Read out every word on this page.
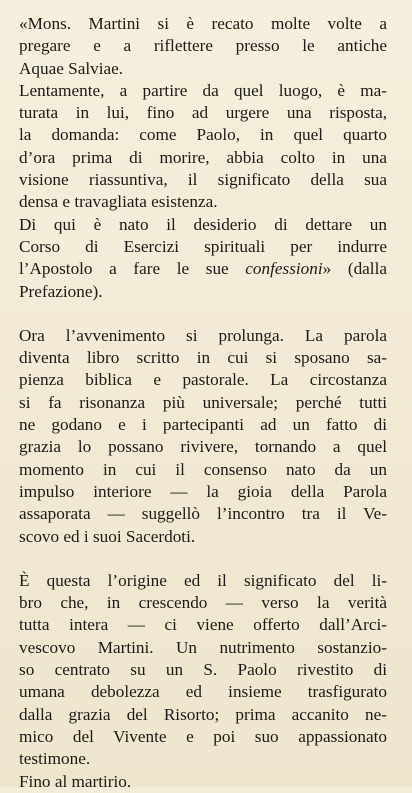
«Mons. Martini si è recato molte volte a
pregare e a riflettere presso le antiche
Aquae Salviae.
Lentamente, a partire da quel luogo, è ma-
turata in lui, fino ad urgere una risposta,
la domanda: come Paolo, in quel quarto
d’ora prima di morire, abbia colto in una
visione riassuntiva, il significato della sua
densa e travagliata esistenza.
Di qui è nato il desiderio di dettare un
Corso di Esercizi spirituali per indurre
l’Apostolo a fare le sue confessioni» (dalla
Prefazione).
Ora l’avvenimento si prolunga. La parola
diventa libro scritto in cui si sposano sa-
pienza biblica e pastorale. La circostanza
si fa risonanza più universale; perché tutti
ne godano e i partecipanti ad un fatto di
grazia lo possano rivivere, tornando a quel
momento in cui il consenso nato da un
impulso interiore — la gioia della Parola
assaporata — suggellò l’incontro tra il Ve-
scovo ed i suoi Sacerdoti.
È questa l’origine ed il significato del li-
bro che, in crescendo — verso la verità
tutta intera — ci viene offerto dall’Arci-
vescovo Martini. Un nutrimento sostanzio-
so centrato su un S. Paolo rivestito di
umana debolezza ed insieme trasfigurato
dalla grazia del Risorto; prima accanito ne-
mico del Vivente e poi suo appassionato
testimone.
Fino al martirio.
